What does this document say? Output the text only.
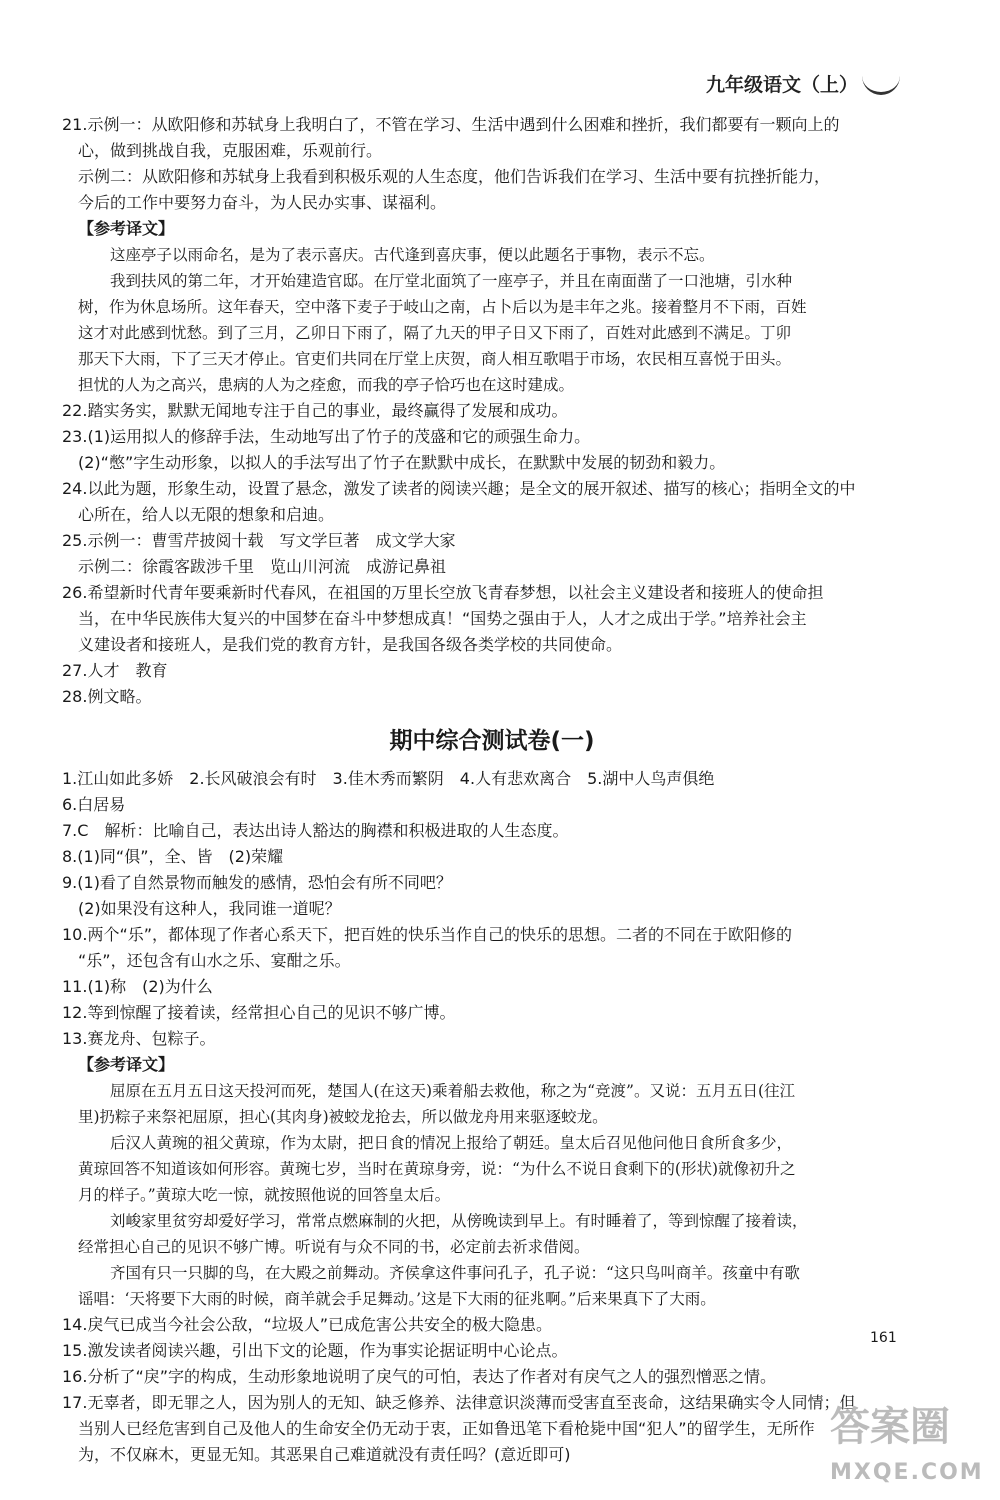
九年级语文（上）
21.示例一：从欧阳修和苏轼身上我明白了，不管在学习、生活中遇到什么困难和挫折，我们都要有一颗向上的
心，做到挑战自我，克服困难，乐观前行。
示例二：从欧阳修和苏轼身上我看到积极乐观的人生态度，他们告诉我们在学习、生活中要有抗挫折能力，
今后的工作中要努力奋斗，为人民办实事、谋福利。
【参考译文】
这座亭子以雨命名，是为了表示喜庆。古代逢到喜庆事，便以此题名于事物，表示不忘。
我到扶风的第二年，才开始建造官邸。在厅堂北面筑了一座亭子，并且在南面凿了一口池塘，引水种
树，作为休息场所。这年春天，空中落下麦子于岐山之南，占卜后以为是丰年之兆。接着整月不下雨，百姓
这才对此感到忧愁。到了三月，乙卯日下雨了，隔了九天的甲子日又下雨了，百姓对此感到不满足。丁卯
那天下大雨，下了三天才停止。官吏们共同在厅堂上庆贺，商人相互歌唱于市场，农民相互喜悦于田头。
担忧的人为之高兴，患病的人为之痊愈，而我的亭子恰巧也在这时建成。
22.踏实务实，默默无闻地专注于自己的事业，最终赢得了发展和成功。
23.(1)运用拟人的修辞手法，生动地写出了竹子的茂盛和它的顽强生命力。
(2)“憋”字生动形象，以拟人的手法写出了竹子在默默中成长，在默默中发展的韧劲和毅力。
24.以此为题，形象生动，设置了悬念，激发了读者的阅读兴趣；是全文的展开叙述、描写的核心；指明全文的中
心所在，给人以无限的想象和启迪。
25.示例一：曹雪芹披阅十载　写文学巨著　成文学大家
示例二：徐霞客跋涉千里　览山川河流　成游记鼻祖
26.希望新时代青年要乘新时代春风，在祖国的万里长空放飞青春梦想，以社会主义建设者和接班人的使命担
当，在中华民族伟大复兴的中国梦在奋斗中梦想成真！“国势之强由于人，人才之成出于学。”培养社会主
义建设者和接班人，是我们党的教育方针，是我国各级各类学校的共同使命。
27.人才　教育
28.例文略。
期中综合测试卷(一)
1.江山如此多娇　2.长风破浪会有时　3.佳木秀而繁阴　4.人有悲欢离合　5.湖中人鸟声俱绝
6.白居易
7.C　解析：比喻自己，表达出诗人豁达的胸襟和积极进取的人生态度。
8.(1)同“俱”，全、皆　(2)荣耀
9.(1)看了自然景物而触发的感情，恐怕会有所不同吧？
(2)如果没有这种人，我同谁一道呢？
10.两个“乐”，都体现了作者心系天下，把百姓的快乐当作自己的快乐的思想。二者的不同在于欧阳修的
“乐”，还包含有山水之乐、宴酣之乐。
11.(1)称　(2)为什么
12.等到惊醒了接着读，经常担心自己的见识不够广博。
13.赛龙舟、包粽子。
【参考译文】
屈原在五月五日这天投河而死，楚国人(在这天)乘着船去救他，称之为“竞渡”。又说：五月五日(往江
里)扔粽子来祭祀屈原，担心(其肉身)被蛟龙抢去，所以做龙舟用来驱逐蛟龙。
后汉人黄琬的祖父黄琼，作为太尉，把日食的情况上报给了朝廷。皇太后召见他问他日食所食多少，
黄琼回答不知道该如何形容。黄琬七岁，当时在黄琼身旁，说：“为什么不说日食剩下的(形状)就像初升之
月的样子。”黄琼大吃一惊，就按照他说的回答皇太后。
刘峻家里贫穷却爱好学习，常常点燃麻制的火把，从傍晚读到早上。有时睡着了，等到惊醒了接着读，
经常担心自己的见识不够广博。听说有与众不同的书，必定前去祈求借阅。
齐国有只一只脚的鸟，在大殿之前舞动。齐侯拿这件事问孔子，孔子说：“这只鸟叫商羊。孩童中有歌
谣唱：‘天将要下大雨的时候，商羊就会手足舞动。’这是下大雨的征兆啊。”后来果真下了大雨。
14.戾气已成当今社会公敌，“垃圾人”已成危害公共安全的极大隐患。
15.激发读者阅读兴趣，引出下文的论题，作为事实论据证明中心论点。
16.分析了“戾”字的构成，生动形象地说明了戾气的可怕，表达了作者对有戾气之人的强烈憎恶之情。
17.无辜者，即无罪之人，因为别人的无知、缺乏修养、法律意识淡薄而受害直至丧命，这结果确实令人同情；但
当别人已经危害到自己及他人的生命安全仍无动于衷，正如鲁迅笔下看枪毙中国“犯人”的留学生，无所作
为，不仅麻木，更显无知。其恶果自己难道就没有责任吗？(意近即可)
161
答案圈
MXQE.COM
